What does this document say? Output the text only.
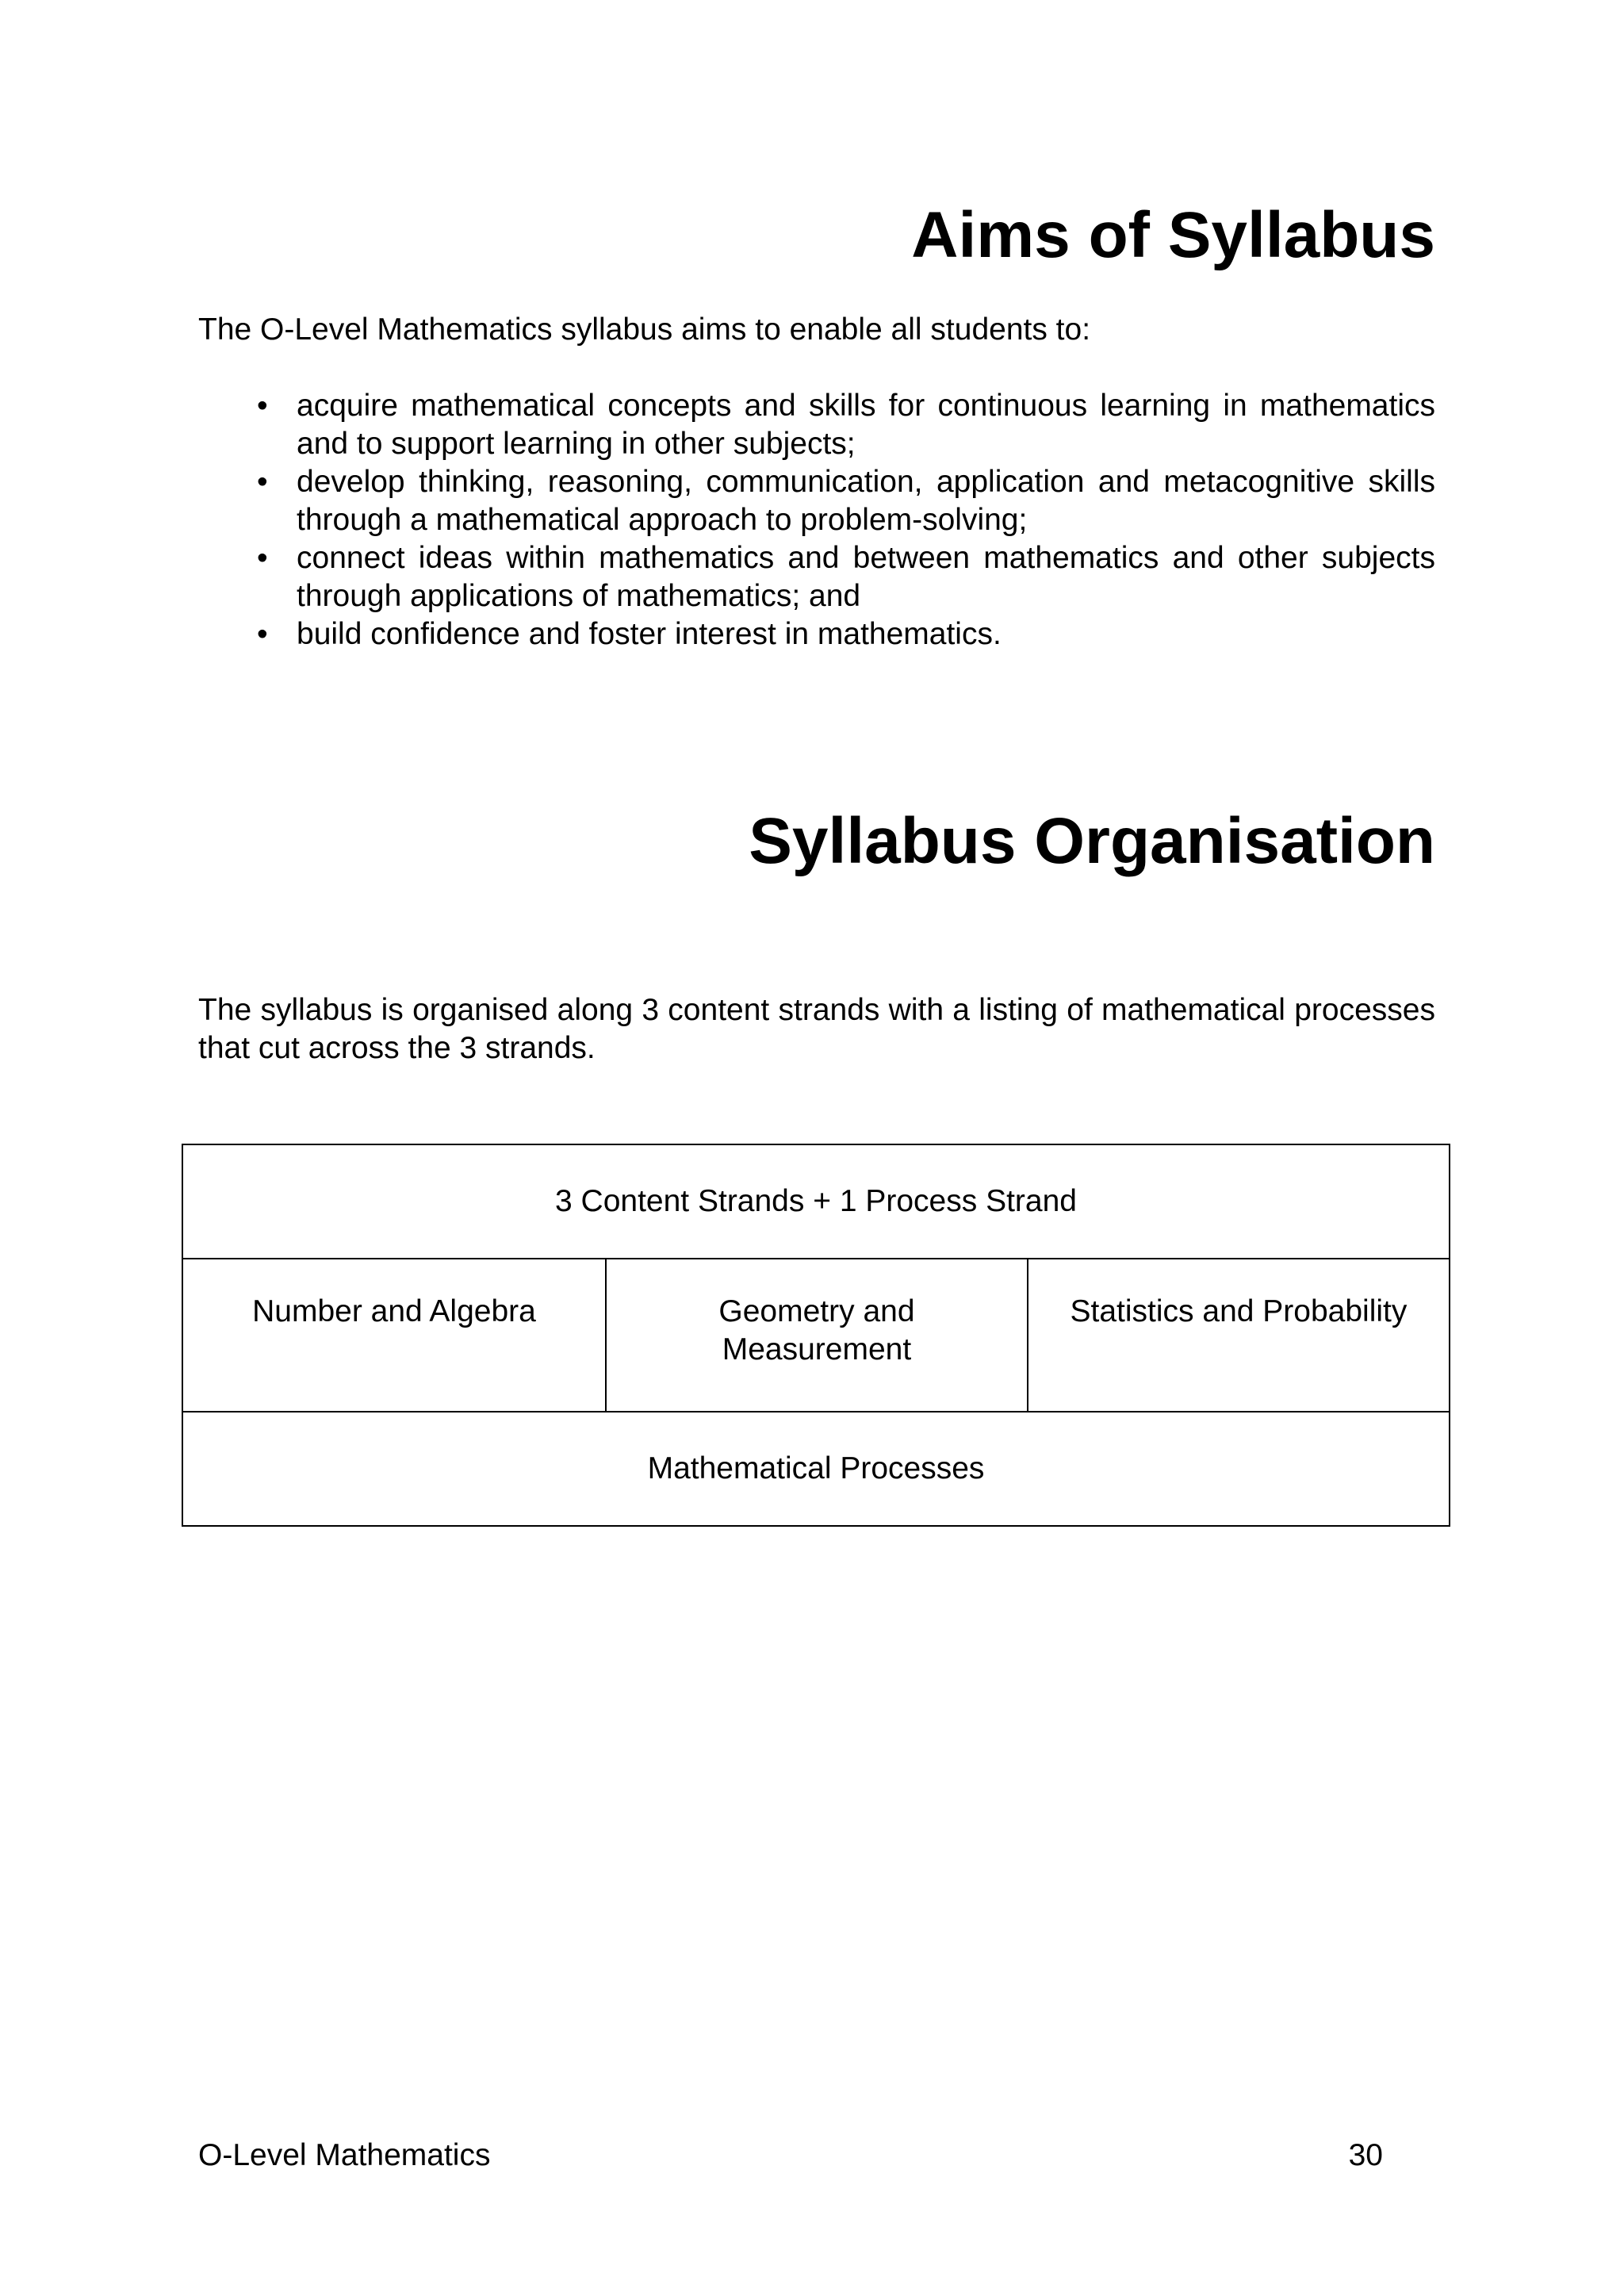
Aims of Syllabus

The O-Level Mathematics syllabus aims to enable all students to:

• acquire mathematical concepts and skills for continuous learning in mathematics and to support learning in other subjects;
• develop thinking, reasoning, communication, application and metacognitive skills through a mathematical approach to problem-solving;
• connect ideas within mathematics and between mathematics and other subjects through applications of mathematics; and
• build confidence and foster interest in mathematics.
Syllabus Organisation

The syllabus is organised along 3 content strands with a listing of mathematical processes that cut across the 3 strands.

3 Content Strands + 1 Process Strand
Number and Algebra	Geometry and Measurement
Statistics and Probability
Mathematical Processes

O-Level Mathematics	30
